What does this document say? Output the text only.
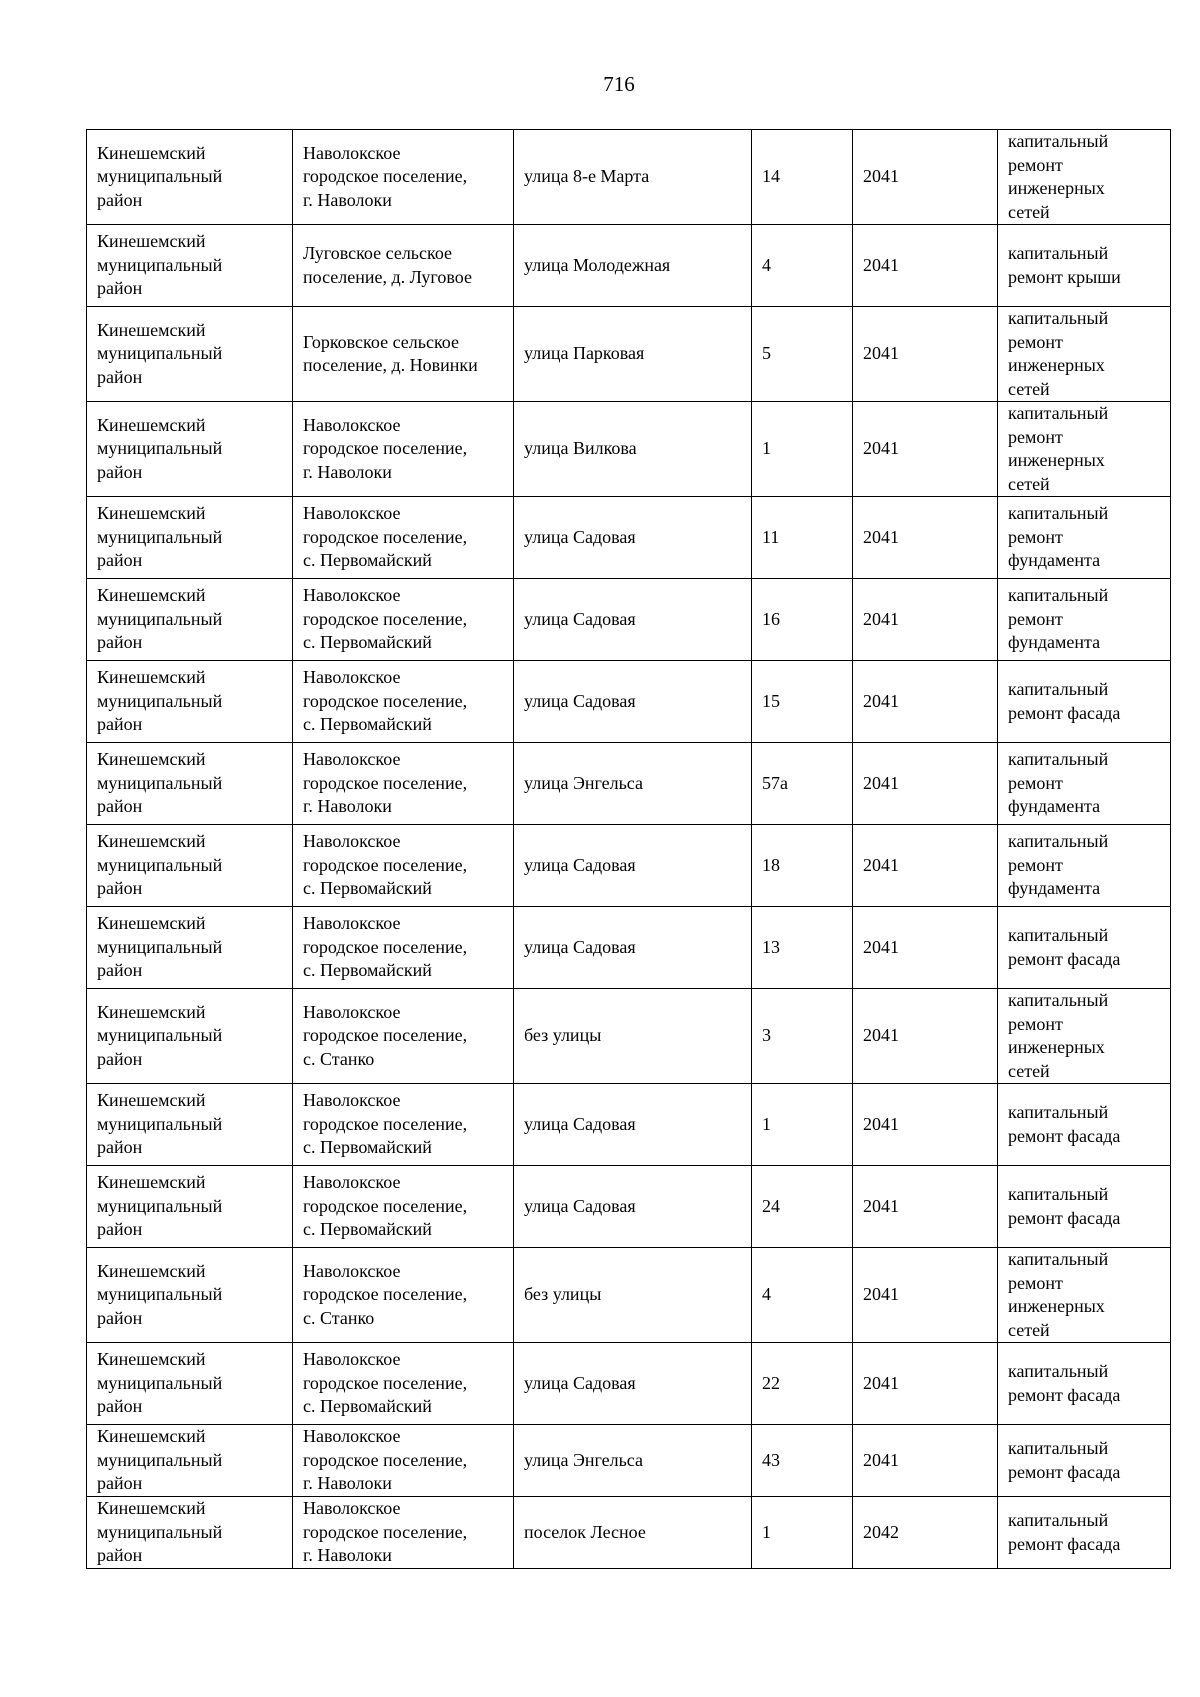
716
Кинешемский
муниципальный
район	Наволокское
городское поселение,
г. Наволоки	улица 8-е Марта	14	2041	капитальный
ремонт
инженерных
сетей
Кинешемский
муниципальный
район	Луговское сельское
поселение, д. Луговое	улица Молодежная	4	2041	капитальный
ремонт крыши
Кинешемский
муниципальный
район	Горковское сельское
поселение, д. Новинки	улица Парковая	5	2041	капитальный
ремонт
инженерных
сетей
Кинешемский
муниципальный
район	Наволокское
городское поселение,
г. Наволоки	улица Вилкова	1	2041	капитальный
ремонт
инженерных
сетей
Кинешемский
муниципальный
район	Наволокское
городское поселение,
с. Первомайский	улица Садовая	11	2041	капитальный
ремонт
фундамента
Кинешемский
муниципальный
район	Наволокское
городское поселение,
с. Первомайский	улица Садовая	16	2041	капитальный
ремонт
фундамента
Кинешемский
муниципальный
район	Наволокское
городское поселение,
с. Первомайский	улица Садовая	15	2041	капитальный
ремонт фасада
Кинешемский
муниципальный
район	Наволокское
городское поселение,
г. Наволоки	улица Энгельса	57а	2041	капитальный
ремонт
фундамента
Кинешемский
муниципальный
район	Наволокское
городское поселение,
с. Первомайский	улица Садовая	18	2041	капитальный
ремонт
фундамента
Кинешемский
муниципальный
район	Наволокское
городское поселение,
с. Первомайский	улица Садовая	13	2041	капитальный
ремонт фасада
Кинешемский
муниципальный
район	Наволокское
городское поселение,
с. Станко	без улицы	3	2041	капитальный
ремонт
инженерных
сетей
Кинешемский
муниципальный
район	Наволокское
городское поселение,
с. Первомайский	улица Садовая	1	2041	капитальный
ремонт фасада
Кинешемский
муниципальный
район	Наволокское
городское поселение,
с. Первомайский	улица Садовая	24	2041	капитальный
ремонт фасада
Кинешемский
муниципальный
район	Наволокское
городское поселение,
с. Станко	без улицы	4	2041	капитальный
ремонт
инженерных
сетей
Кинешемский
муниципальный
район	Наволокское
городское поселение,
с. Первомайский	улица Садовая	22	2041	капитальный
ремонт фасада
Кинешемский
муниципальный
район	Наволокское
городское поселение,
г. Наволоки	улица Энгельса	43	2041	капитальный
ремонт фасада
Кинешемский
муниципальный
район	Наволокское
городское поселение,
г. Наволоки	поселок Лесное	1	2042	капитальный
ремонт фасада
